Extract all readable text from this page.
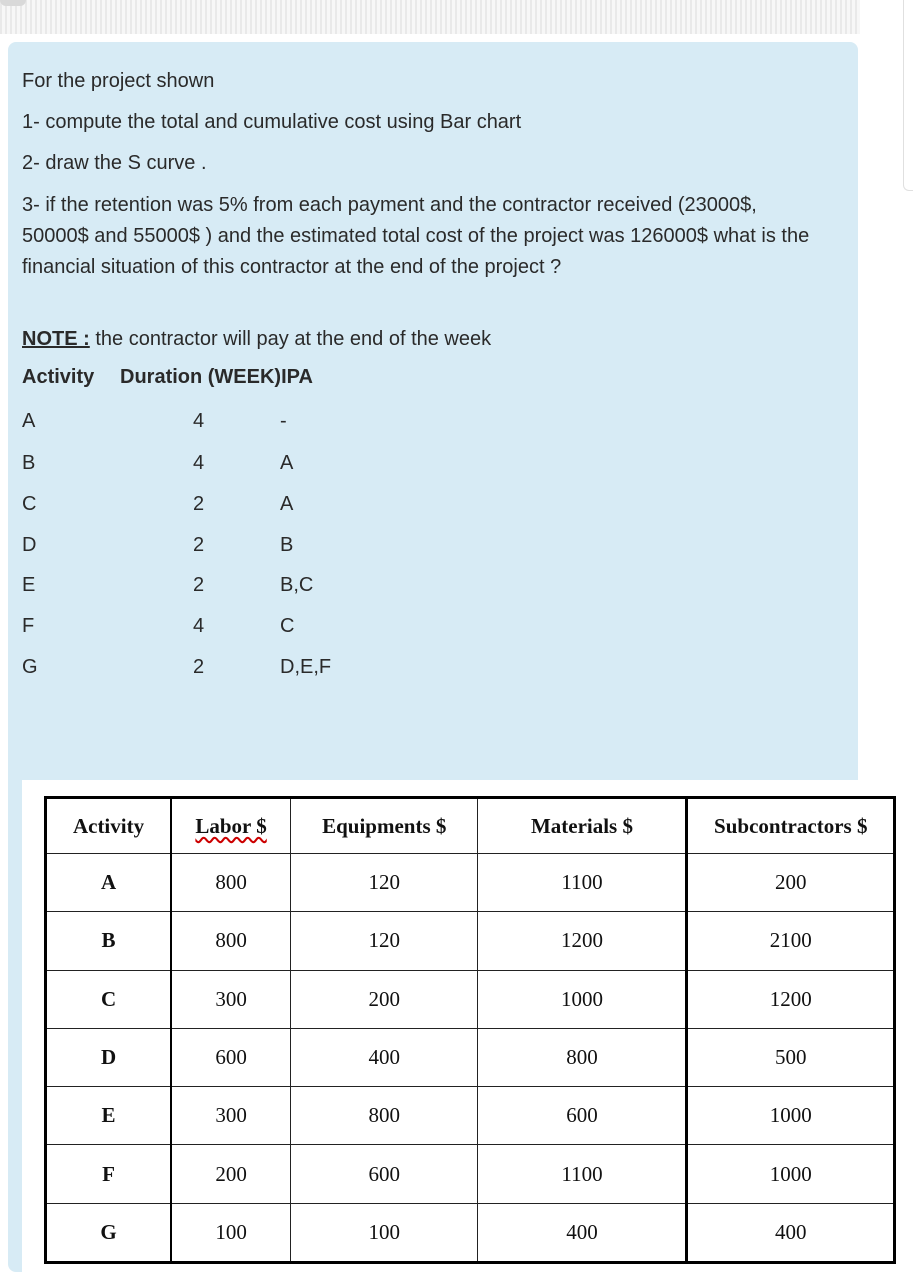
For the project shown
1- compute the total and cumulative cost using Bar chart
2- draw the S curve .
3- if the retention was 5% from each payment and the contractor received (23000$, 50000$ and 55000$ ) and the estimated total cost of the project was 126000$ what is the financial situation of this contractor at the end of the project ?
NOTE : the contractor will pay at the end of the week
Activity Duration (WEEK)IPA
A	4	-
B	4	A
C	2	A
D	2	B
E	2	B,C
F	4	C
G	2	D,E,F
Activity	Labor $	Equipments $	Materials $	Subcontractors $
A	800	120	1100	200
B	800	120	1200	2100
C	300	200	1000	1200
D	600	400	800	500
E	300	800	600	1000
F	200	600	1100	1000
G	100	100	400	400
